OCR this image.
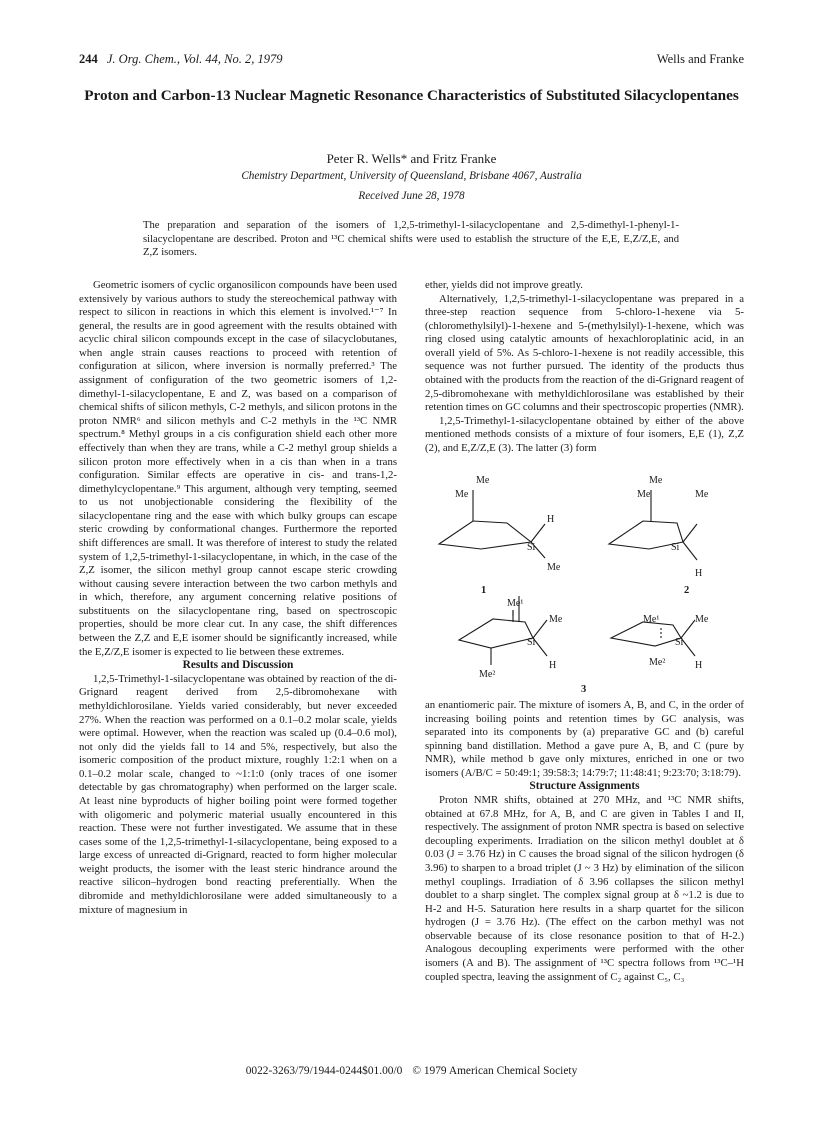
244 J. Org. Chem., Vol. 44, No. 2, 1979	Wells and Franke
Proton and Carbon-13 Nuclear Magnetic Resonance Characteristics of Substituted Silacyclopentanes
Peter R. Wells* and Fritz Franke
Chemistry Department, University of Queensland, Brisbane 4067, Australia
Received June 28, 1978
The preparation and separation of the isomers of 1,2,5-trimethyl-1-silacyclopentane and 2,5-dimethyl-1-phenyl-1-silacyclopentane are described. Proton and ¹³C chemical shifts were used to establish the structure of the E,E, E,Z/Z,E, and Z,Z isomers.

Geometric isomers of cyclic organosilicon compounds have been used extensively by various authors to study the stereochemical pathway with respect to silicon in reactions in which this element is involved.¹⁻⁷ In general, the results are in good agreement with the results obtained with acyclic chiral silicon compounds except in the case of silacyclobutanes, when angle strain causes reactions to proceed with retention of configuration at silicon, where inversion is normally preferred.³ The assignment of configuration of the two geometric isomers of 1,2-dimethyl-1-silacyclopentane, E and Z, was based on a comparison of chemical shifts of silicon methyls, C-2 methyls, and silicon protons in the proton NMR⁶ and silicon methyls and C-2 methyls in the ¹³C NMR spectrum.⁸ Methyl groups in a cis configuration shield each other more effectively than when they are trans, while a C-2 methyl group shields a silicon proton more effectively when in a cis than when in a trans configuration. Similar effects are operative in cis- and trans-1,2-dimethylcyclopentane.⁹ This argument, although very tempting, seemed to us not unobjectionable considering the flexibility of the silacyclopentane ring and the ease with which bulky groups can escape steric crowding by conformational changes. Furthermore the reported shift differences are small. It was therefore of interest to study the related system of 1,2,5-trimethyl-1-silacyclopentane, in which, in the case of the Z,Z isomer, the silicon methyl group cannot escape steric crowding without causing severe interaction between the two carbon methyls and in which, therefore, any argument concerning relative positions of substituents on the silacyclopentane ring, based on spectroscopic properties, should be more clear cut. In any case, the shift differences between the Z,Z and E,E isomer should be significantly increased, while the E,Z/Z,E isomer is expected to lie between these extremes.

Results and Discussion

1,2,5-Trimethyl-1-silacyclopentane was obtained by reaction of the di-Grignard reagent derived from 2,5-dibromohexane with methyldichlorosilane. Yields varied considerably, but never exceeded 27%. When the reaction was performed on a 0.1–0.2 molar scale, yields were optimal. However, when the reaction was scaled up (0.4–0.6 mol), not only did the yields fall to 14 and 5%, respectively, but also the isomeric composition of the product mixture, roughly 1:2:1 when on a 0.1–0.2 molar scale, changed to ~1:1:0 (only traces of one isomer detectable by gas chromatography) when performed on the larger scale. At least nine byproducts of higher boiling point were formed together with oligomeric and polymeric material usually encountered in this reaction. These were not further investigated. We assume that in these cases some of the 1,2,5-trimethyl-1-silacyclopentane, being exposed to a large excess of unreacted di-Grignard, reacted to form higher molecular weight products, the isomer with the least steric hindrance around the reactive silicon–hydrogen bond reacting preferentially. When the dibromide and methyldichlorosilane were added simultaneously to a mixture of magnesium in

ether, yields did not improve greatly.

Alternatively, 1,2,5-trimethyl-1-silacyclopentane was prepared in a three-step reaction sequence from 5-chloro-1-hexene via 5-(chloromethylsilyl)-1-hexene and 5-(methylsilyl)-1-hexene, which was ring closed using catalytic amounts of hexachloroplatinic acid, in an overall yield of 5%. As 5-chloro-1-hexene is not readily accessible, this sequence was not further pursued. The identity of the products thus obtained with the products from the reaction of the di-Grignard reagent of 2,5-dibromohexane with methyldichlorosilane was established by their retention times on GC columns and their spectroscopic properties (NMR).

1,2,5-Trimethyl-1-silacyclopentane obtained by either of the above mentioned methods consists of a mixture of four isomers, E,E (1), Z,Z (2), and E,Z/Z,E (3). The latter (3) form

Me
Me
H
Si
Me
1
Me
Me	Me
Si
H
2
Me¹
Me
Si
H
Me²
Me¹	Me
Si
Me²	H
3

an enantiomeric pair. The mixture of isomers A, B, and C, in the order of increasing boiling points and retention times by GC analysis, was separated into its components by (a) preparative GC and (b) careful spinning band distillation. Method a gave pure A, B, and C (pure by NMR), while method b gave only mixtures, enriched in one or two isomers (A/B/C = 50:49:1; 39:58:3; 14:79:7; 11:48:41; 9:23:70; 3:18:79).

Structure Assignments

Proton NMR shifts, obtained at 270 MHz, and ¹³C NMR shifts, obtained at 67.8 MHz, for A, B, and C are given in Tables I and II, respectively. The assignment of proton NMR spectra is based on selective decoupling experiments. Irradiation on the silicon methyl doublet at δ 0.03 (J = 3.76 Hz) in C causes the broad signal of the silicon hydrogen (δ 3.96) to sharpen to a broad triplet (J ~ 3 Hz) by elimination of the silicon methyl couplings. Irradiation of δ 3.96 collapses the silicon methyl doublet to a sharp singlet. The complex signal group at δ ~1.2 is due to H-2 and H-5. Saturation here results in a sharp quartet for the silicon hydrogen (J = 3.76 Hz). (The effect on the carbon methyl was not observable because of its close resonance position to that of H-2.) Analogous decoupling experiments were performed with the other isomers (A and B). The assignment of ¹³C spectra follows from ¹³C–¹H coupled spectra, leaving the assignment of C₂ against C₅, C₃

0022-3263/79/1944-0244$01.00/0 © 1979 American Chemical Society
